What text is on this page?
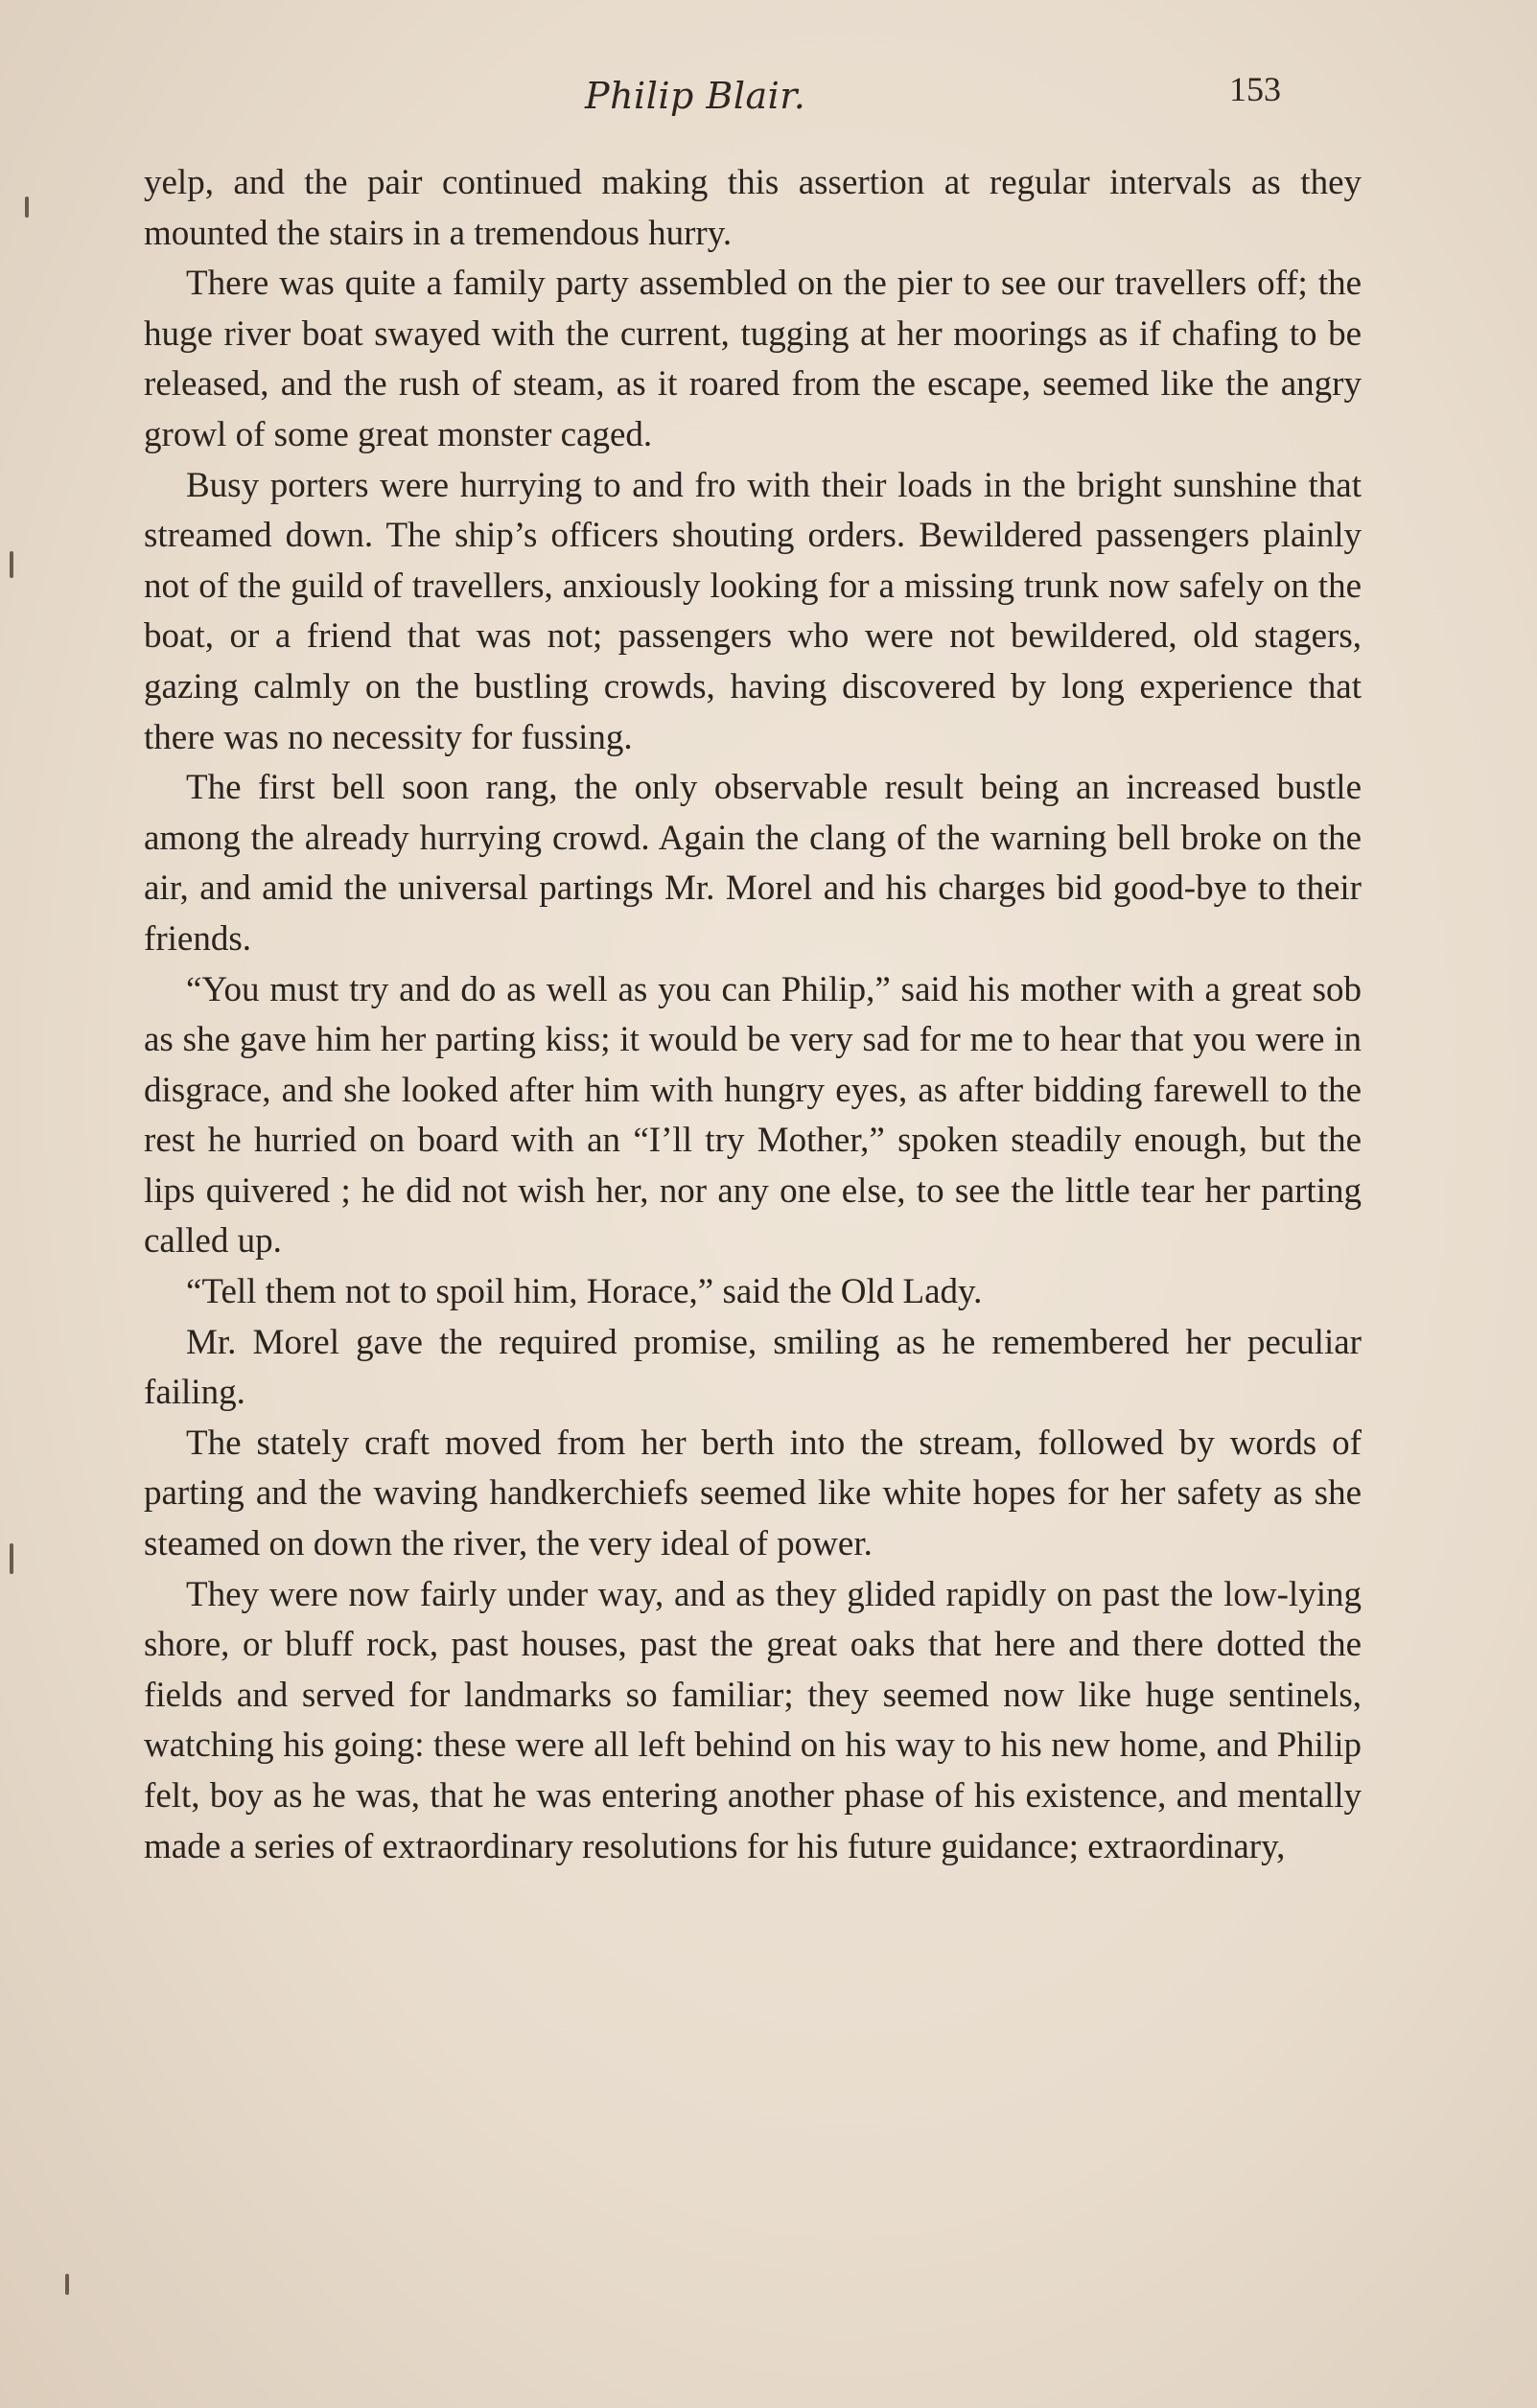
Philip Blair.	153

yelp, and the pair continued making this assertion at regular intervals as they mounted the stairs in a tremendous hurry.

There was quite a family party assembled on the pier to see our travellers off; the huge river boat swayed with the current, tugging at her moorings as if chafing to be released, and the rush of steam, as it roared from the escape, seemed like the angry growl of some great monster caged.

Busy porters were hurrying to and fro with their loads in the bright sunshine that streamed down. The ship’s officers shouting orders. Bewildered passengers plainly not of the guild of travellers, anxiously looking for a missing trunk now safely on the boat, or a friend that was not; passengers who were not bewildered, old stagers, gazing calmly on the bustling crowds, having discovered by long experience that there was no necessity for fussing.

The first bell soon rang, the only observable result being an increased bustle among the already hurrying crowd. Again the clang of the warning bell broke on the air, and amid the universal partings Mr. Morel and his charges bid good-bye to their friends.

“You must try and do as well as you can Philip,” said his mother with a great sob as she gave him her parting kiss; it would be very sad for me to hear that you were in disgrace, and she looked after him with hungry eyes, as after bidding farewell to the rest he hurried on board with an “I’ll try Mother,” spoken steadily enough, but the lips quivered ; he did not wish her, nor any one else, to see the little tear her parting called up.

“Tell them not to spoil him, Horace,” said the Old Lady.

Mr. Morel gave the required promise, smiling as he remembered her peculiar failing.

The stately craft moved from her berth into the stream, followed by words of parting and the waving handkerchiefs seemed like white hopes for her safety as she steamed on down the river, the very ideal of power.

They were now fairly under way, and as they glided rapidly on past the low-lying shore, or bluff rock, past houses, past the great oaks that here and there dotted the fields and served for landmarks so familiar; they seemed now like huge sentinels, watching his going: these were all left behind on his way to his new home, and Philip felt, boy as he was, that he was entering another phase of his existence, and mentally made a series of extraordinary resolutions for his future guidance; extraordinary,
